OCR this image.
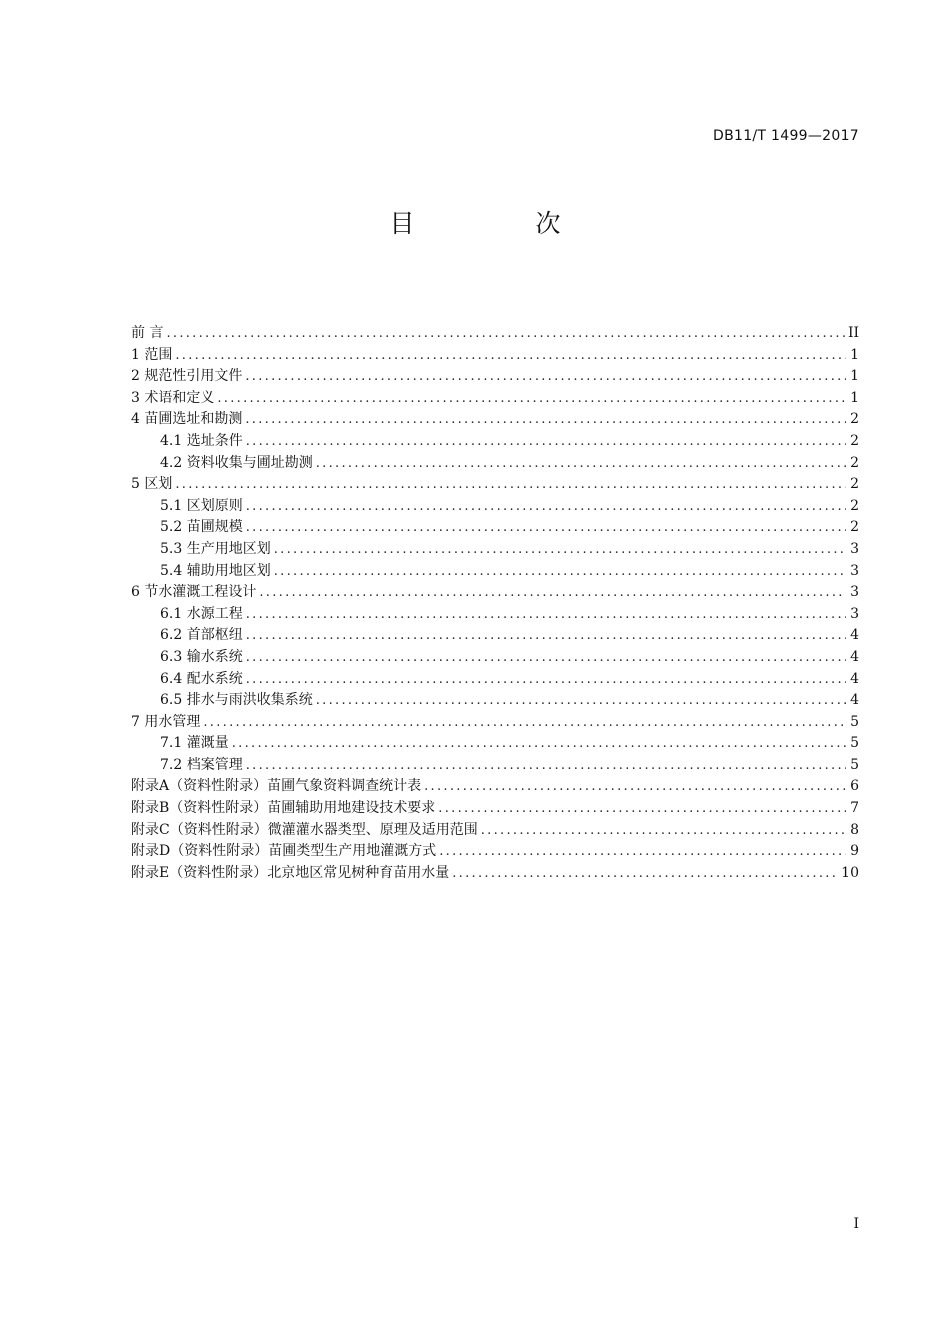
DB11/T 1499—2017
目　次
前 言 .....	II
1 范围 .....	1
2 规范性引用文件 .....	1
3 术语和定义 .....	1
4 苗圃选址和勘测 .....	2
4.1 选址条件 .....	2
4.2 资料收集与圃址勘测 .....	2
5 区划 .....	2
5.1 区划原则 .....	2
5.2 苗圃规模 .....	2
5.3 生产用地区划 .....	3
5.4 辅助用地区划 .....	3
6 节水灌溉工程设计 .....	3
6.1 水源工程 .....	3
6.2 首部枢纽 .....	4
6.3 输水系统 .....	4
6.4 配水系统 .....	4
6.5 排水与雨洪收集系统 .....	4
7 用水管理 .....	5
7.1 灌溉量 .....	5
7.2 档案管理 .....	5
附录A（资料性附录）苗圃气象资料调查统计表 .....	6
附录B（资料性附录）苗圃辅助用地建设技术要求 .....	7
附录C（资料性附录）微灌灌水器类型、原理及适用范围 .....	8
附录D（资料性附录）苗圃类型生产用地灌溉方式 .....	9
附录E（资料性附录）北京地区常见树种育苗用水量 .....	10
I
